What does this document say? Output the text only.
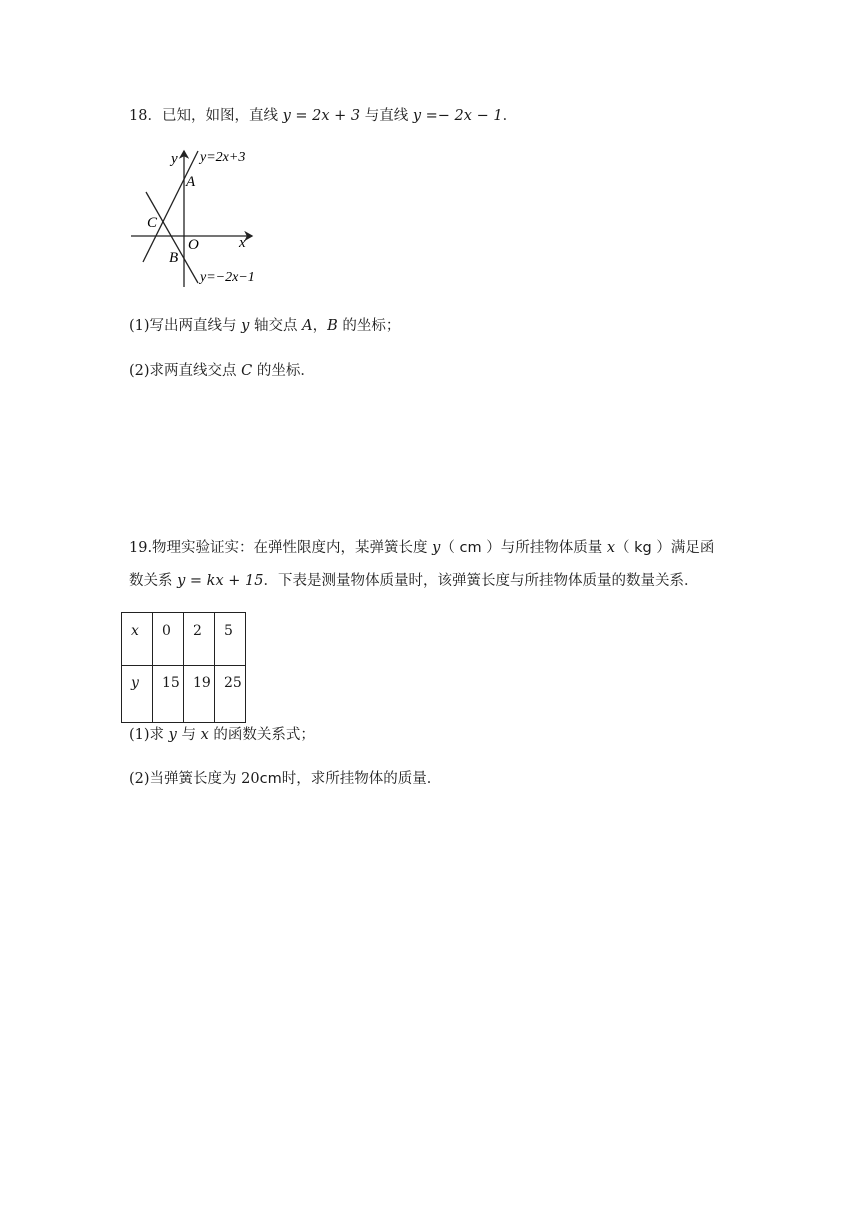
18．已知，如图，直线 y = 2x + 3 与直线 y =− 2x − 1．
y y=2x+3
A
C
O	x
B
y=−2x−1
(1)写出两直线与 y 轴交点 A，B 的坐标；
(2)求两直线交点 C 的坐标．
19.物理实验证实：在弹性限度内，某弹簧长度 y（ cm ）与所挂物体质量 x（ kg ）满足函
数关系 y = kx + 15．下表是测量物体质量时，该弹簧长度与所挂物体质量的数量关系．
x	0	2	5

y	15	19	25
(1)求 y 与 x 的函数关系式；
(2)当弹簧长度为 20cm时，求所挂物体的质量．
